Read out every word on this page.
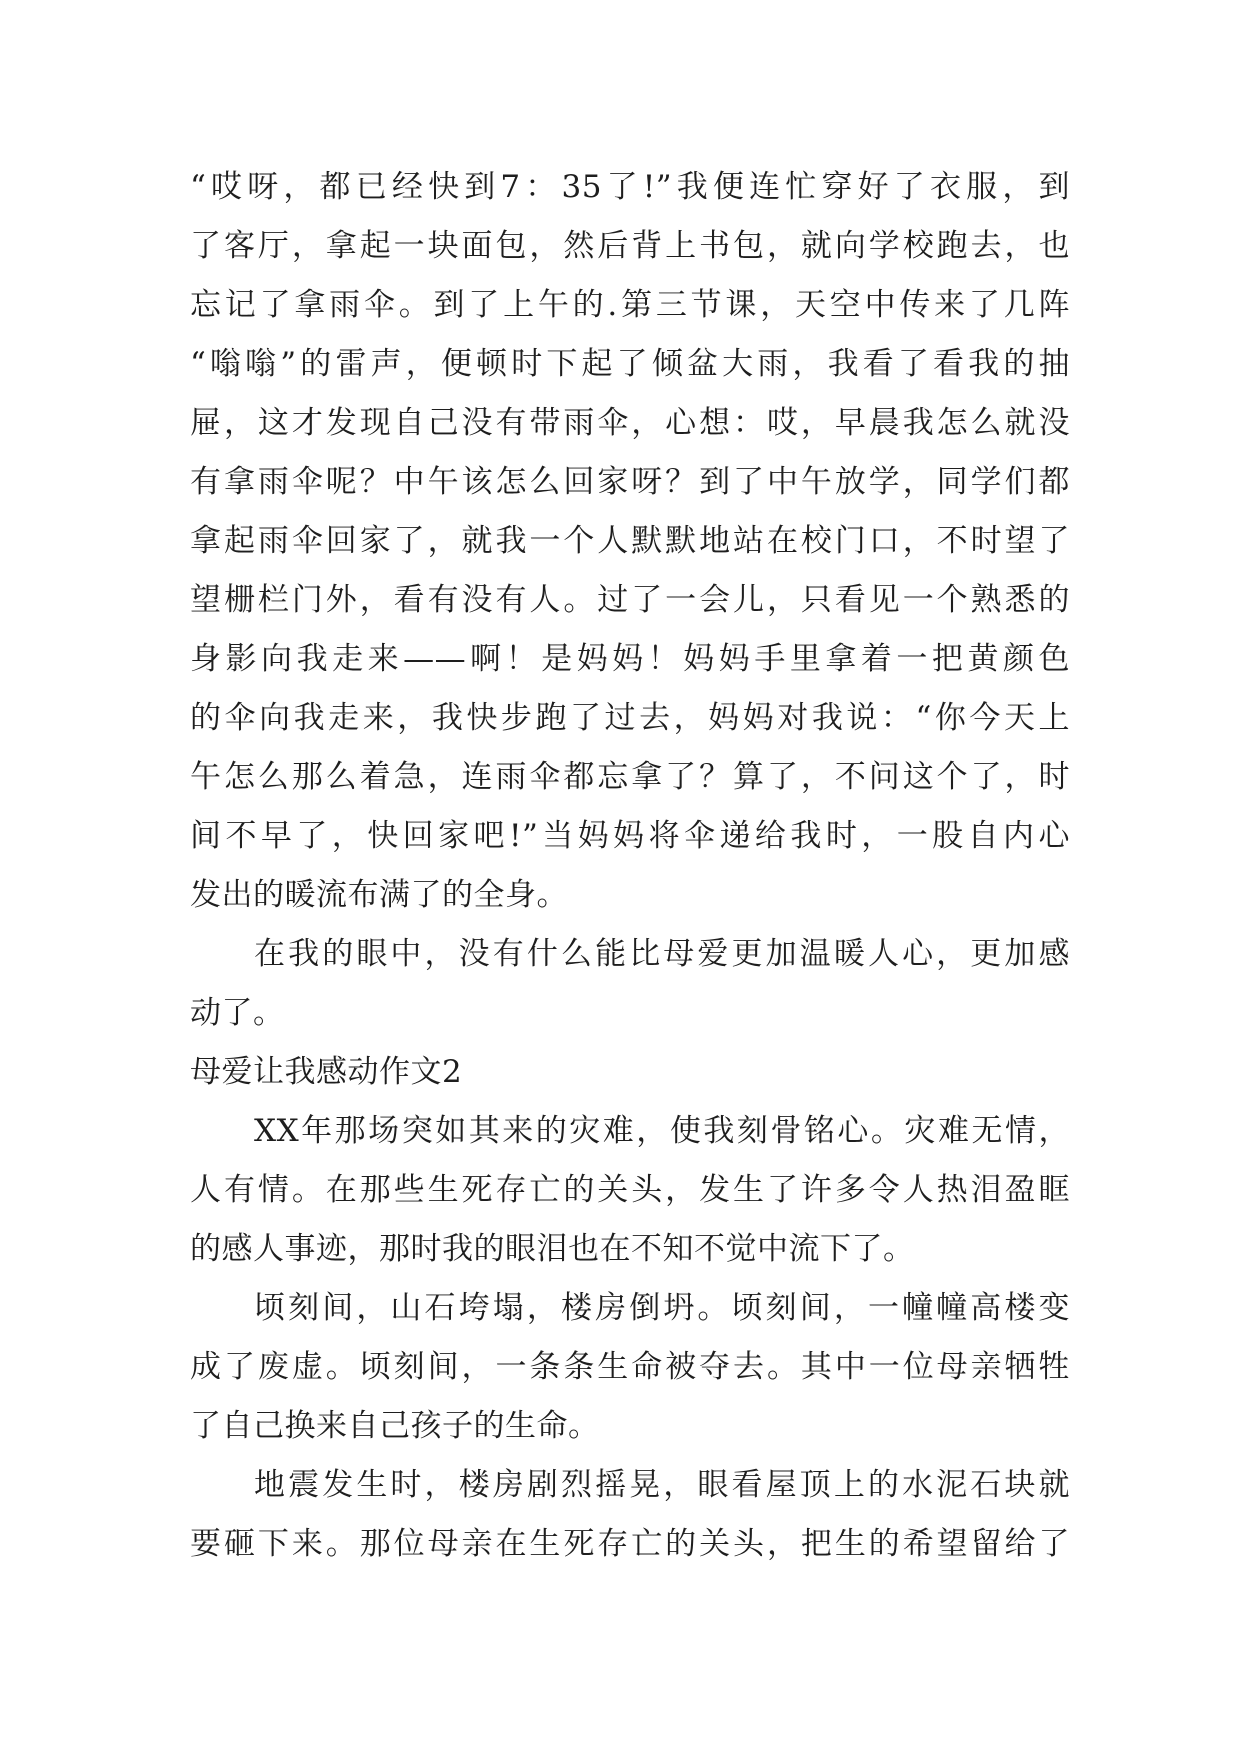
“哎呀，都已经快到7：35了!”我便连忙穿好了衣服，到
了客厅，拿起一块面包，然后背上书包，就向学校跑去，也
忘记了拿雨伞。到了上午的.第三节课，天空中传来了几阵
“嗡嗡”的雷声，便顿时下起了倾盆大雨，我看了看我的抽
屉，这才发现自己没有带雨伞，心想：哎，早晨我怎么就没
有拿雨伞呢？中午该怎么回家呀？到了中午放学，同学们都
拿起雨伞回家了，就我一个人默默地站在校门口，不时望了
望栅栏门外，看有没有人。过了一会儿，只看见一个熟悉的
身影向我走来——啊！是妈妈！妈妈手里拿着一把黄颜色
的伞向我走来，我快步跑了过去，妈妈对我说：“你今天上
午怎么那么着急，连雨伞都忘拿了？算了，不问这个了，时
间不早了，快回家吧!”当妈妈将伞递给我时，一股自内心
发出的暖流布满了的全身。
在我的眼中，没有什么能比母爱更加温暖人心，更加感
动了。
母爱让我感动作文2
XX年那场突如其来的灾难，使我刻骨铭心。灾难无情，
人有情。在那些生死存亡的关头，发生了许多令人热泪盈眶
的感人事迹，那时我的眼泪也在不知不觉中流下了。
顷刻间，山石垮塌，楼房倒坍。顷刻间，一幢幢高楼变
成了废虚。顷刻间，一条条生命被夺去。其中一位母亲牺牲
了自己换来自己孩子的生命。
地震发生时，楼房剧烈摇晃，眼看屋顶上的水泥石块就
要砸下来。那位母亲在生死存亡的关头，把生的希望留给了
